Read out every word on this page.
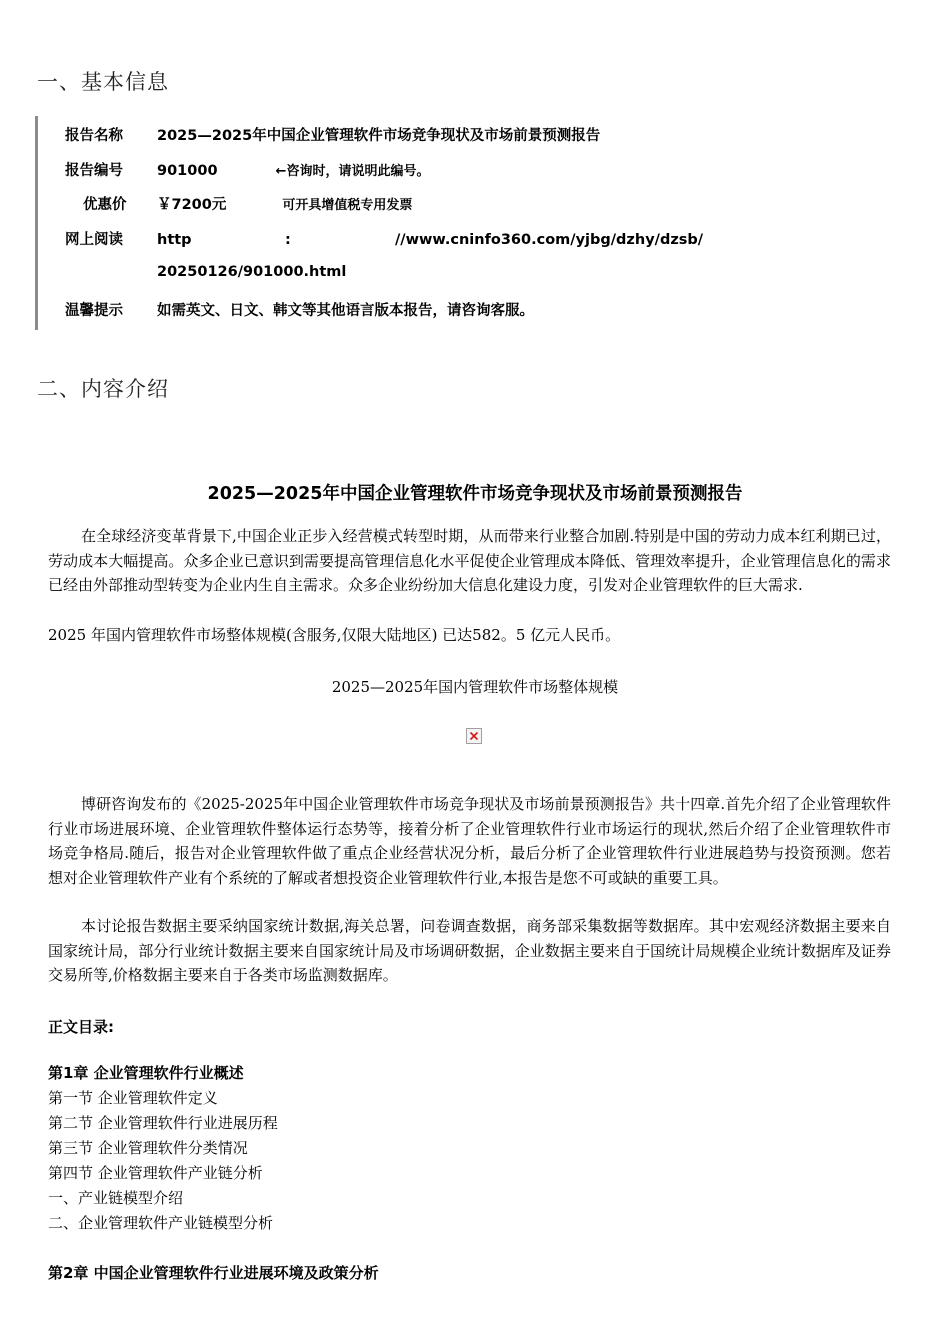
一、基本信息
报告名称 2025—2025年中国企业管理软件市场竞争现状及市场前景预测报告
报告编号 901000	←咨询时，请说明此编号。
优惠价 ￥7200元	可开具增值税专用发票
网上阅读 http	:	//www.cninfo360.com/yjbg/dzhy/dzsb/
20250126/901000.html
温馨提示 如需英文、日文、韩文等其他语言版本报告，请咨询客服。
二、内容介绍
2025—2025年中国企业管理软件市场竞争现状及市场前景预测报告

在全球经济变革背景下,中国企业正步入经营模式转型时期，从而带来行业整合加剧.特别是中国的劳动力成本红利期已过，劳动成本大幅提高。众多企业已意识到需要提高管理信息化水平促使企业管理成本降低、管理效率提升，企业管理信息化的需求已经由外部推动型转变为企业内生自主需求。众多企业纷纷加大信息化建设力度，引发对企业管理软件的巨大需求.

2025 年国内管理软件市场整体规模(含服务,仅限大陆地区) 已达582。5 亿元人民币。

2025—2025年国内管理软件市场整体规模

博研咨询发布的《2025-2025年中国企业管理软件市场竞争现状及市场前景预测报告》共十四章.首先介绍了企业管理软件行业市场进展环境、企业管理软件整体运行态势等，接着分析了企业管理软件行业市场运行的现状,然后介绍了企业管理软件市场竞争格局.随后，报告对企业管理软件做了重点企业经营状况分析，最后分析了企业管理软件行业进展趋势与投资预测。您若想对企业管理软件产业有个系统的了解或者想投资企业管理软件行业,本报告是您不可或缺的重要工具。

本讨论报告数据主要采纳国家统计数据,海关总署，问卷调查数据，商务部采集数据等数据库。其中宏观经济数据主要来自国家统计局，部分行业统计数据主要来自国家统计局及市场调研数据，企业数据主要来自于国统计局规模企业统计数据库及证券交易所等,价格数据主要来自于各类市场监测数据库。

正文目录:
第1章 企业管理软件行业概述
第一节 企业管理软件定义
第二节 企业管理软件行业进展历程
第三节 企业管理软件分类情况
第四节 企业管理软件产业链分析
一、产业链模型介绍
二、企业管理软件产业链模型分析
第2章 中国企业管理软件行业进展环境及政策分析
